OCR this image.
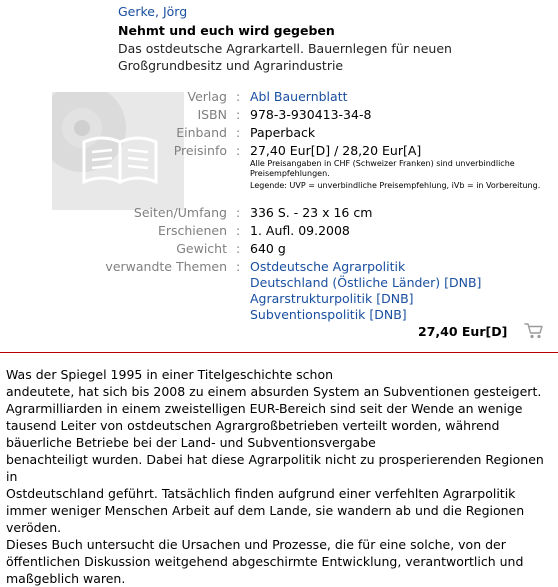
Gerke, Jörg
Nehmt und euch wird gegeben
Das ostdeutsche Agrarkartell. Bauernlegen für neuen Großgrundbesitz und Agrarindustrie
Verlag : Abl Bauernblatt
ISBN : 978-3-930413-34-8
Einband : Paperback
Preisinfo : 27,40 Eur[D] / 28,20 Eur[A]
Alle Preisangaben in CHF (Schweizer Franken) sind unverbindliche Preisempfehlungen.
Legende: UVP = unverbindliche Preisempfehlung, iVb = in Vorbereitung.
Seiten/Umfang : 336 S. - 23 x 16 cm
Erschienen : 1. Aufl. 09.2008
Gewicht : 640 g
verwandte Themen : Ostdeutsche Agrarpolitik
Deutschland (Östliche Länder) [DNB]
Agrarstrukturpolitik [DNB]
Subventionspolitik [DNB]
27,40 Eur[D]

Was der Spiegel 1995 in einer Titelgeschichte schon

andeutete, hat sich bis 2008 zu einem absurden System an Subventionen gesteigert.

Agrarmilliarden in einem zweistelligen EUR-Bereich sind seit der Wende an wenige

tausend Leiter von ostdeutschen Agrargroßbetrieben verteilt worden, während

bäuerliche Betriebe bei der Land- und Subventionsvergabe

benachteiligt wurden. Dabei hat diese Agrarpolitik nicht zu prosperierenden Regionen in

Ostdeutschland geführt. Tatsächlich finden aufgrund einer verfehlten Agrarpolitik

immer weniger Menschen Arbeit auf dem Lande, sie wandern ab und die Regionen

veröden.

Dieses Buch untersucht die Ursachen und Prozesse, die für eine solche, von der

öffentlichen Diskussion weitgehend abgeschirmte Entwicklung, verantwortlich und

maßgeblich waren.
